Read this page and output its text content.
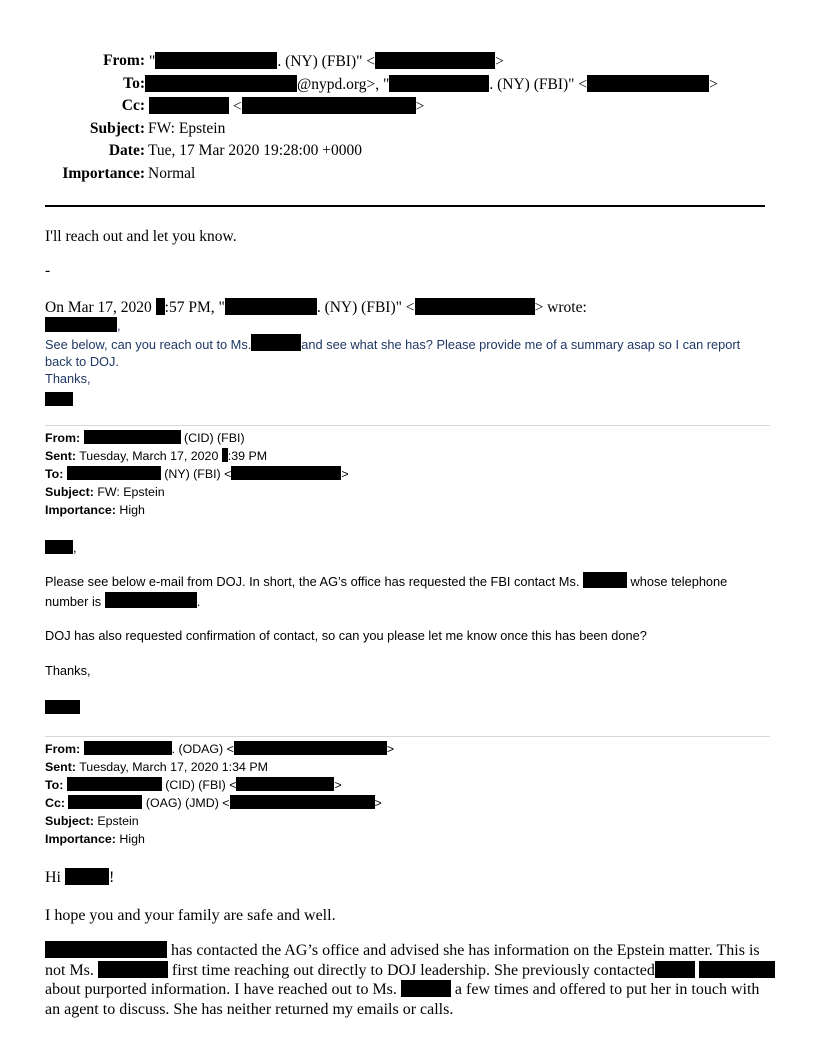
From: "	. (NY) (FBI)" <	>
To:	@nypd.org>, "	. (NY) (FBI)" <	>
Cc:	<	>
Subject: FW: Epstein
Date: Tue, 17 Mar 2020 19:28:00 +0000
Importance: Normal
I'll reach out and let you know.
-
On Mar 17, 2020 :57 PM, "	. (NY) (FBI)" <	> wrote:
,
See below, can you reach out to Ms.	and see what she has? Please provide me of a summary asap so I can report back to DOJ.
Thanks,
From:	(CID) (FBI)
Sent: Tuesday, March 17, 2020 :39 PM
To:	(NY) (FBI) <	>
Subject: FW: Epstein
Importance: High
,
Please see below e-mail from DOJ. In short, the AG’s office has requested the FBI contact Ms.	whose telephone number is	.
DOJ has also requested confirmation of contact, so can you please let me know once this has been done?
Thanks,
From:	. (ODAG) <	>
Sent: Tuesday, March 17, 2020 1:34 PM
To:	(CID) (FBI) <	>
Cc:	(OAG) (JMD) <	>
Subject: Epstein
Importance: High
Hi	!
I hope you and your family are safe and well.
has contacted the AG’s office and advised she has information on the Epstein matter. This is not Ms.	first time reaching out directly to DOJ leadership. She previously contacted  about purported information. I have reached out to Ms.	a few times and offered to put her in touch with an agent to discuss. She has neither returned my emails or calls.
